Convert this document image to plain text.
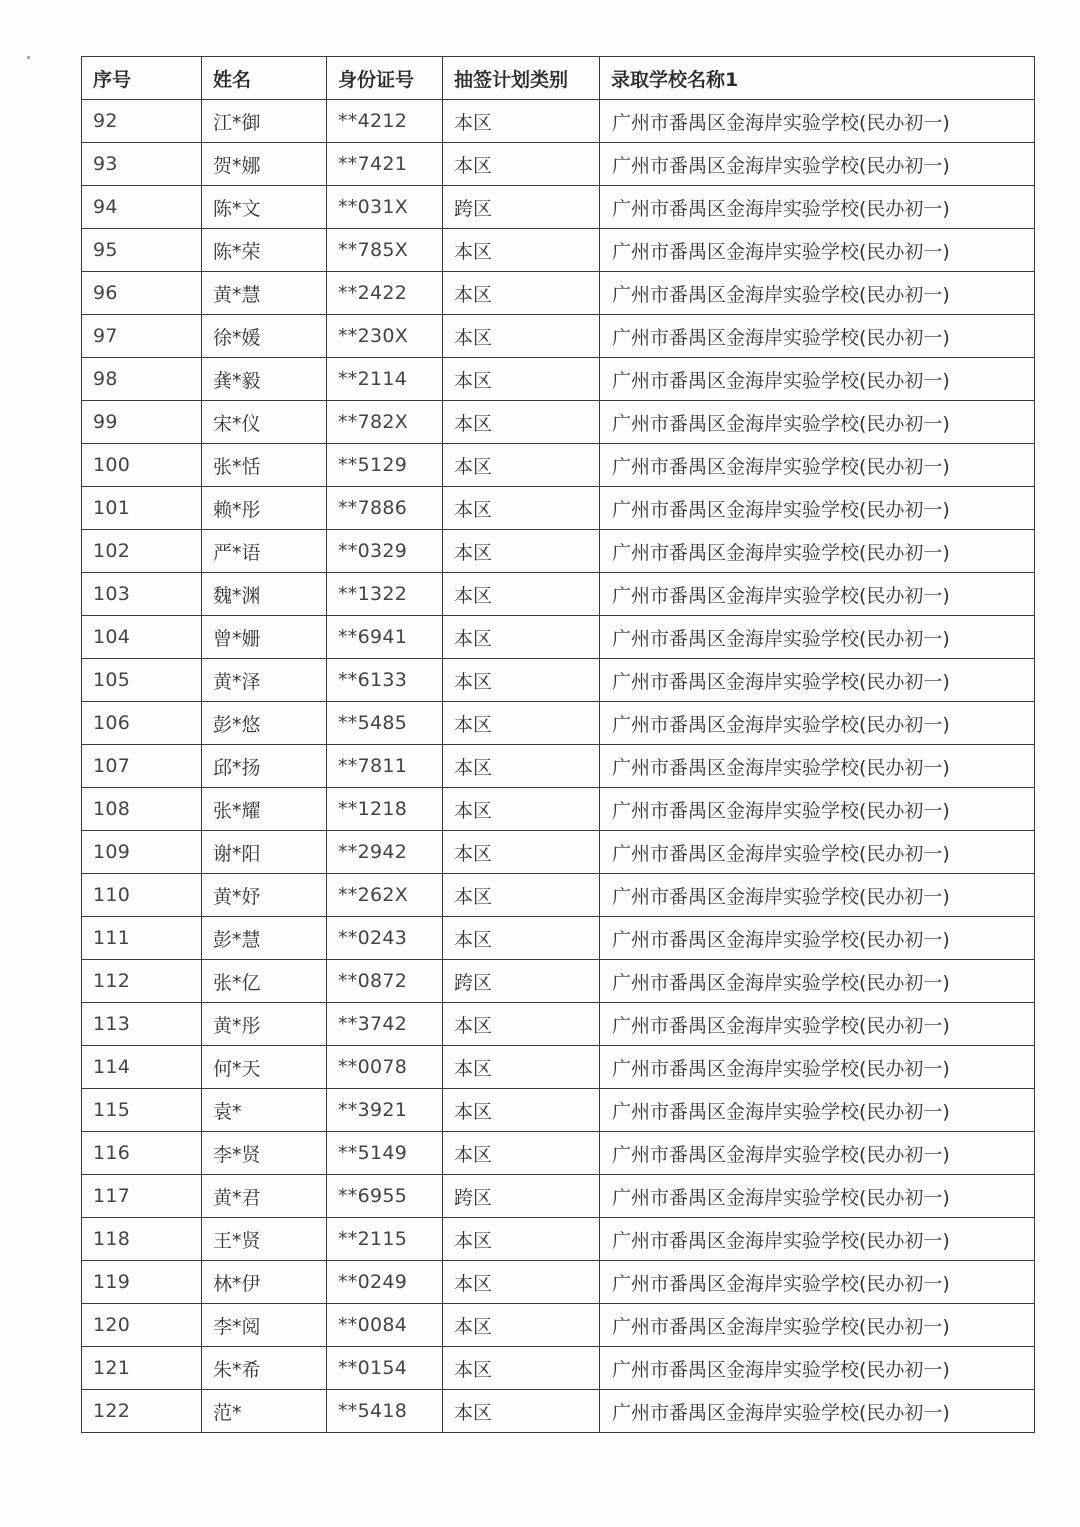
序号	姓名	身份证号	抽签计划类别	录取学校名称1
92	江*御	**4212	本区	广州市番禺区金海岸实验学校(民办初一)
93	贺*娜	**7421	本区	广州市番禺区金海岸实验学校(民办初一)
94	陈*文	**031X	跨区	广州市番禺区金海岸实验学校(民办初一)
95	陈*荣	**785X	本区	广州市番禺区金海岸实验学校(民办初一)
96	黄*慧	**2422	本区	广州市番禺区金海岸实验学校(民办初一)
97	徐*媛	**230X	本区	广州市番禺区金海岸实验学校(民办初一)
98	龚*毅	**2114	本区	广州市番禺区金海岸实验学校(民办初一)
99	宋*仪	**782X	本区	广州市番禺区金海岸实验学校(民办初一)
100	张*恬	**5129	本区	广州市番禺区金海岸实验学校(民办初一)
101	赖*彤	**7886	本区	广州市番禺区金海岸实验学校(民办初一)
102	严*语	**0329	本区	广州市番禺区金海岸实验学校(民办初一)
103	魏*渊	**1322	本区	广州市番禺区金海岸实验学校(民办初一)
104	曾*姗	**6941	本区	广州市番禺区金海岸实验学校(民办初一)
105	黄*泽	**6133	本区	广州市番禺区金海岸实验学校(民办初一)
106	彭*悠	**5485	本区	广州市番禺区金海岸实验学校(民办初一)
107	邱*扬	**7811	本区	广州市番禺区金海岸实验学校(民办初一)
108	张*耀	**1218	本区	广州市番禺区金海岸实验学校(民办初一)
109	谢*阳	**2942	本区	广州市番禺区金海岸实验学校(民办初一)
110	黄*妤	**262X	本区	广州市番禺区金海岸实验学校(民办初一)
111	彭*慧	**0243	本区	广州市番禺区金海岸实验学校(民办初一)
112	张*亿	**0872	跨区	广州市番禺区金海岸实验学校(民办初一)
113	黄*彤	**3742	本区	广州市番禺区金海岸实验学校(民办初一)
114	何*天	**0078	本区	广州市番禺区金海岸实验学校(民办初一)
115	袁*	**3921	本区	广州市番禺区金海岸实验学校(民办初一)
116	李*贤	**5149	本区	广州市番禺区金海岸实验学校(民办初一)
117	黄*君	**6955	跨区	广州市番禺区金海岸实验学校(民办初一)
118	王*贤	**2115	本区	广州市番禺区金海岸实验学校(民办初一)
119	林*伊	**0249	本区	广州市番禺区金海岸实验学校(民办初一)
120	李*阅	**0084	本区	广州市番禺区金海岸实验学校(民办初一)
121	朱*希	**0154	本区	广州市番禺区金海岸实验学校(民办初一)
122	范*	**5418	本区	广州市番禺区金海岸实验学校(民办初一)
